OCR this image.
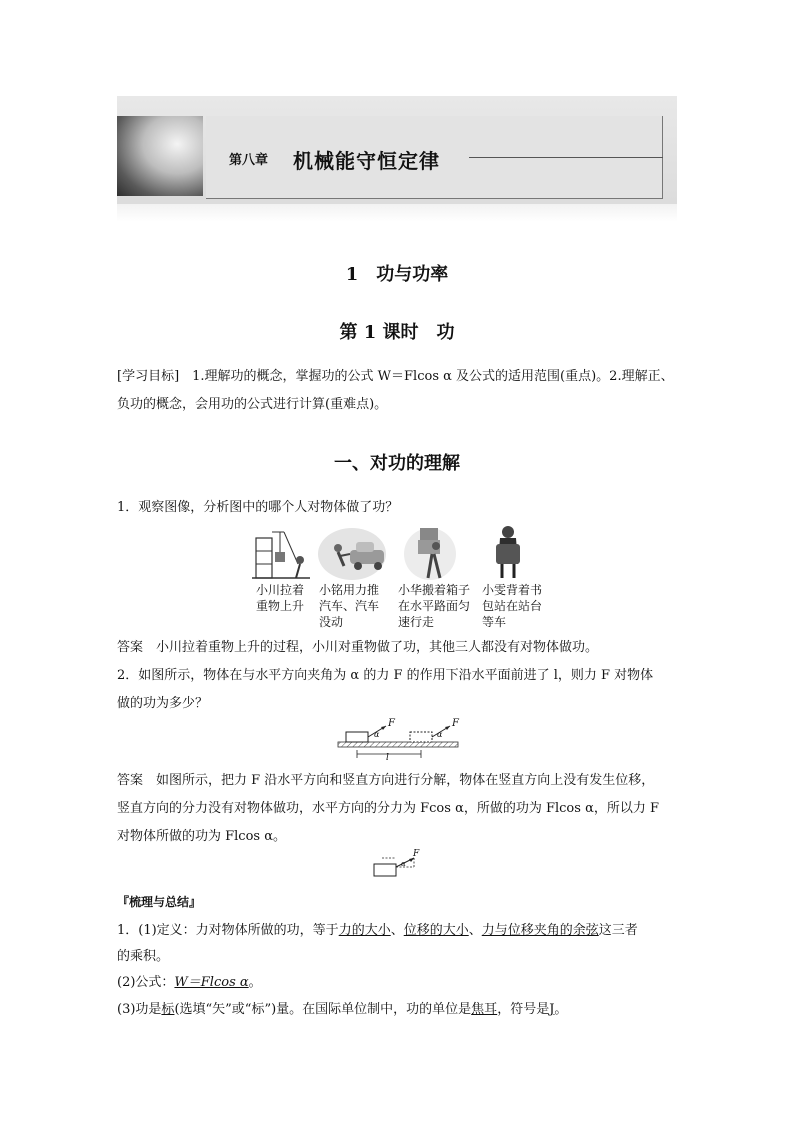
第八章 机械能守恒定律
1　功与功率
第 1 课时　功
[学习目标]　1.理解功的概念，掌握功的公式 W＝Flcos α 及公式的适用范围(重点)。2.理解正、
负功的概念，会用功的公式进行计算(重难点)。
一、对功的理解
1．观察图像，分析图中的哪个人对物体做了功？
小川拉着
重物上升
小铭用力推
汽车、汽车
没动
小华搬着箱子
在水平路面匀
速行走
小雯背着书
包站在站台
等车
答案　小川拉着重物上升的过程，小川对重物做了功，其他三人都没有对物体做功。
2．如图所示，物体在与水平方向夹角为 α 的力 F 的作用下沿水平面前进了 l，则力 F 对物体
做的功为多少？
F	F
α	α
l
答案　如图所示，把力 F 沿水平方向和竖直方向进行分解，物体在竖直方向上没有发生位移，
竖直方向的分力没有对物体做功，水平方向的分力为 Fcos α，所做的功为 Flcos α，所以力 F
对物体所做的功为 Flcos α。
F
α
『梳理与总结』
1．(1)定义：力对物体所做的功，等于力的大小、位移的大小、力与位移夹角的余弦这三者
的乘积。
(2)公式：W＝Flcos α。
(3)功是标(选填“矢”或“标”)量。在国际单位制中，功的单位是焦耳，符号是J。
